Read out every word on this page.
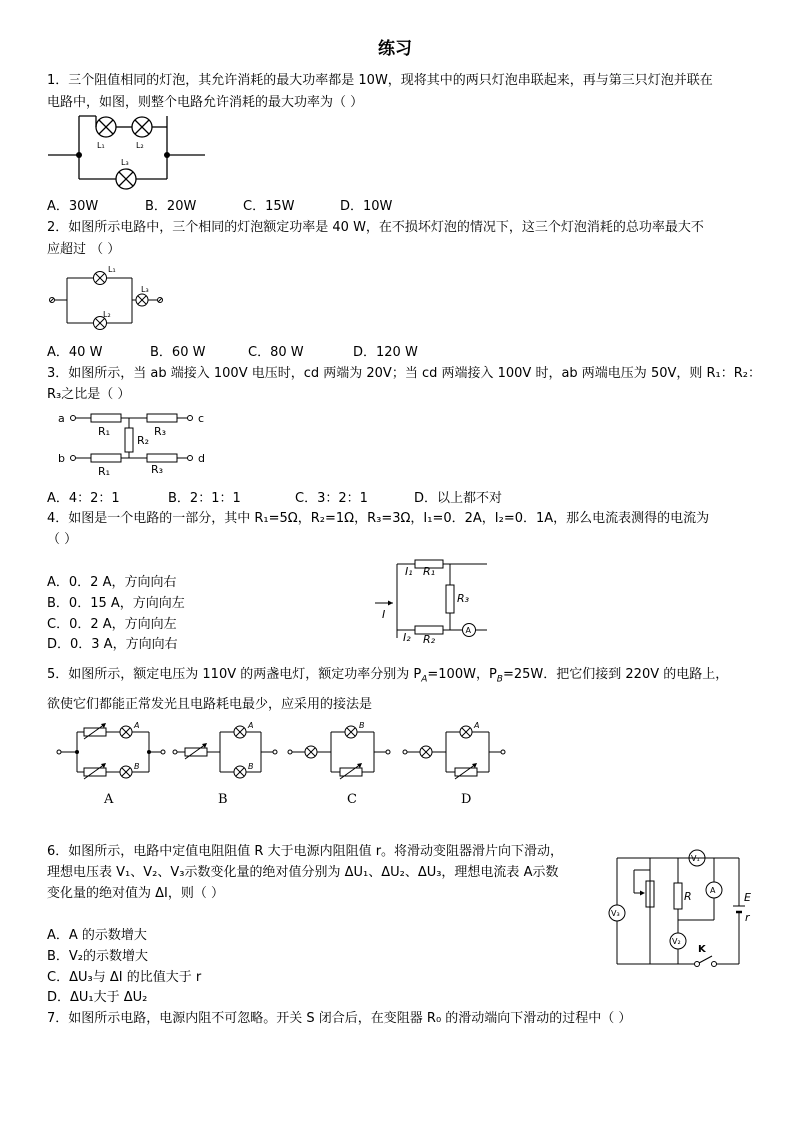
练习
1．三个阻值相同的灯泡，其允许消耗的最大功率都是 10W，现将其中的两只灯泡串联起来，再与第三只灯泡并联在
电路中，如图，则整个电路允许消耗的最大功率为（ ）
L₁	L₂
L₃
A．30W	B．20W	C．15W	D．10W
2．如图所示电路中，三个相同的灯泡额定功率是 40 W，在不损坏灯泡的情况下，这三个灯泡消耗的总功率最大不
应超过 （ ）
L₁
L₃
L₂
A．40 W	B．60 W	C．80 W	D．120 W
3．如图所示，当 ab 端接入 100V 电压时，cd 两端为 20V；当 cd 两端接入 100V 时，ab 两端电压为 50V，则 R₁：R₂：
R₃之比是（ ）
a	c
b	d
R₁	R₃
R₂
R₁	R₃
A．4：2：1	B．2：1：1	C．3：2：1	D．以上都不对
4．如图是一个电路的一部分，其中 R₁=5Ω，R₂=1Ω，R₃=3Ω，I₁=0．2A，I₂=0．1A，那么电流表测得的电流为
（ ）
A．0．2 A，方向向右
B．0．15 A，方向向左
C．0．2 A，方向向左
D．0．3 A，方向向右
A
I₁ R₁
R₃
I
I₂ R₂
5．如图所示，额定电压为 110V 的两盏电灯，额定功率分别为 $P_A=100W$，$P_B=25W$．把它们接到 220V 的电路上，
欲使它们都能正常发光且电路耗电最少，应采用的接法是
A
B
A
B
B	A
A	B	C	D
6．如图所示，电路中定值电阻阻值 R 大于电源内阻阻值 r。将滑动变阻器滑片向下滑动，
理想电压表 V₁、V₂、V₃示数变化量的绝对值分别为 ΔU₁、ΔU₂、ΔU₃，理想电流表 A示数
变化量的绝对值为 ΔI，则（ ）
A．A 的示数增大
B．V₂的示数增大
C．ΔU₃与 ΔI 的比值大于 r
D．ΔU₁大于 ΔU₂
V₃
K
V₂
R
V₁
A
E
r
7．如图所示电路，电源内阻不可忽略。开关 S 闭合后，在变阻器 R₀ 的滑动端向下滑动的过程中（ ）
